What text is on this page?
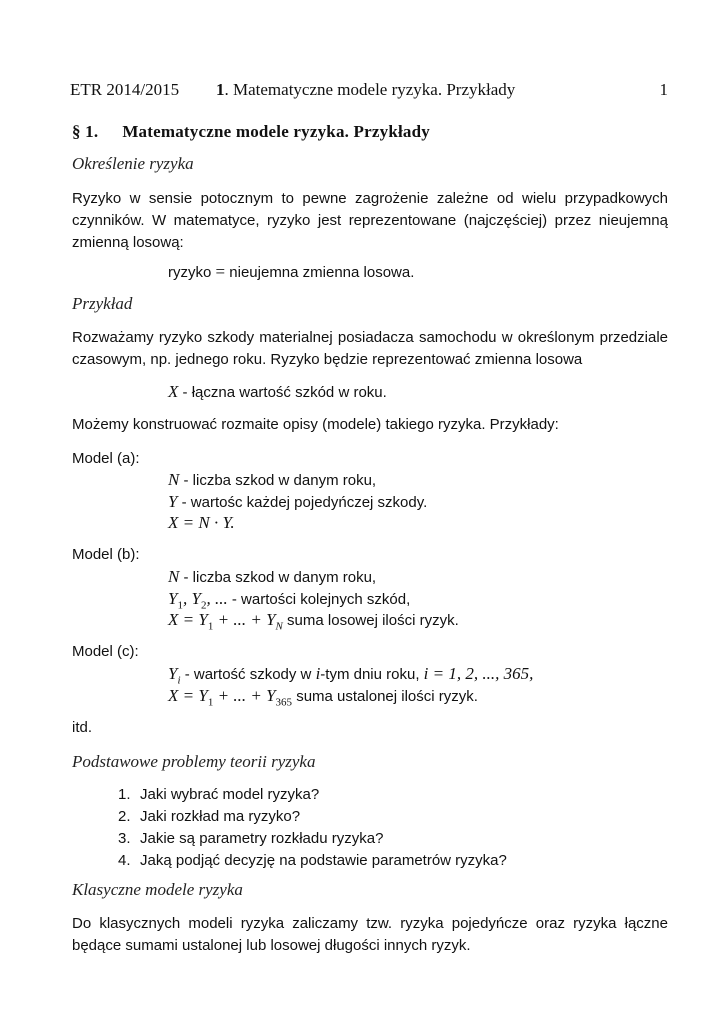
ETR 2014/2015 1. Matematyczne modele ryzyka. Przykłady	1
§ 1. Matematyczne modele ryzyka. Przykłady
Określenie ryzyka
Ryzyko w sensie potocznym to pewne zagrożenie zależne od wielu przypadkowych
czynników. W matematyce, ryzyko jest reprezentowane (najczęściej) przez nieujemną
zmienną losową:
ryzyko = nieujemna zmienna losowa.
Przykład
Rozważamy ryzyko szkody materialnej posiadacza samochodu w określonym przedziale
czasowym, np. jednego roku. Ryzyko będzie reprezentować zmienna losowa
X - łączna wartość szkód w roku.
Możemy konstruować rozmaite opisy (modele) takiego ryzyka. Przykłady:
Model (a):
N - liczba szkod w danym roku,
Y - wartośc każdej pojedyńczej szkody.
X = N · Y.
Model (b):
N - liczba szkod w danym roku,
$Y_1$, $Y_2$, ... - wartości kolejnych szkód,
$X = Y_1$ + ... + $Y_N$ suma losowej ilości ryzyk.
Model (c):
$Y_i$ - wartość szkody w i-tym dniu roku, i = 1, 2, ..., 365,
$X = Y_1$ + ... + $Y_{365}$ suma ustalonej ilości ryzyk.
itd.
Podstawowe problemy teorii ryzyka
1. Jaki wybrać model ryzyka?
2. Jaki rozkład ma ryzyko?
3. Jakie są parametry rozkładu ryzyka?
4. Jaką podjąć decyzję na podstawie parametrów ryzyka?
Klasyczne modele ryzyka
Do klasycznych modeli ryzyka zaliczamy tzw. ryzyka pojedyńcze oraz ryzyka łączne
będące sumami ustalonej lub losowej długości innych ryzyk.
